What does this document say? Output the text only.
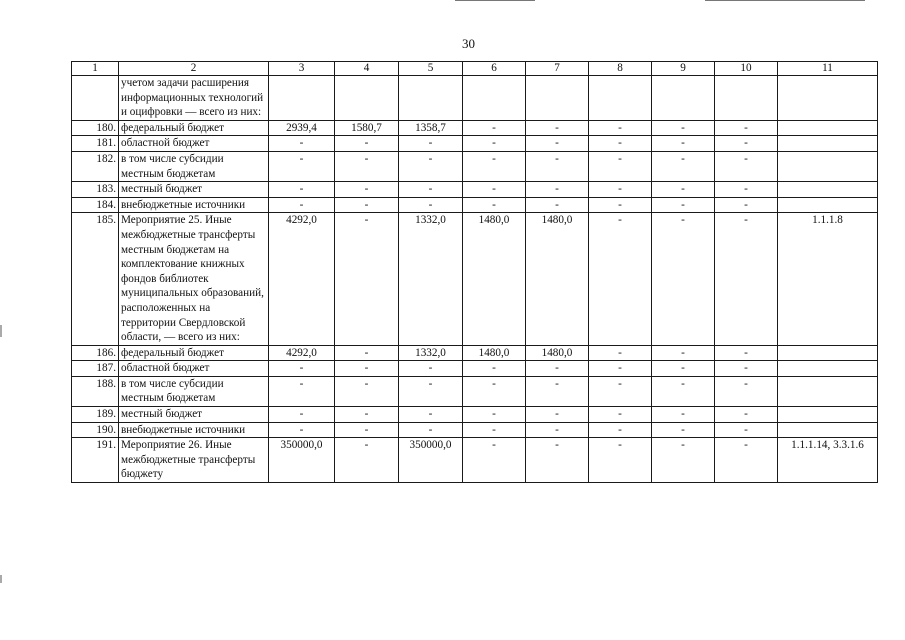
30
1	2	3	4	5	6	7	8	9	10	11
	учетом задачи расширения информационных технологий и оцифровки — всего из них:									
180.	федеральный бюджет	2939,4	1580,7	1358,7	-	-	-	-	-	
181.	областной бюджет	-	-	-	-	-	-	-	-	
182.	в том числе субсидии местным бюджетам	-	-	-	-	-	-	-	-	
183.	местный бюджет	-	-	-	-	-	-	-	-	
184.	внебюджетные источники	-	-	-	-	-	-	-	-	
185.	Мероприятие 25. Иные межбюджетные трансферты местным бюджетам на комплектование книжных фондов библиотек муниципальных образований, расположенных на территории Свердловской области, — всего из них:	4292,0	-	1332,0	1480,0	1480,0	-	-	-	1.1.1.8
186.	федеральный бюджет	4292,0	-	1332,0	1480,0	1480,0	-	-	-	
187.	областной бюджет	-	-	-	-	-	-	-	-	
188.	в том числе субсидии местным бюджетам	-	-	-	-	-	-	-	-	
189.	местный бюджет	-	-	-	-	-	-	-	-	
190.	внебюджетные источники	-	-	-	-	-	-	-	-	
191.	Мероприятие 26. Иные межбюджетные трансферты бюджету	350000,0	-	350000,0	-	-	-	-	-	1.1.1.14, 3.3.1.6
